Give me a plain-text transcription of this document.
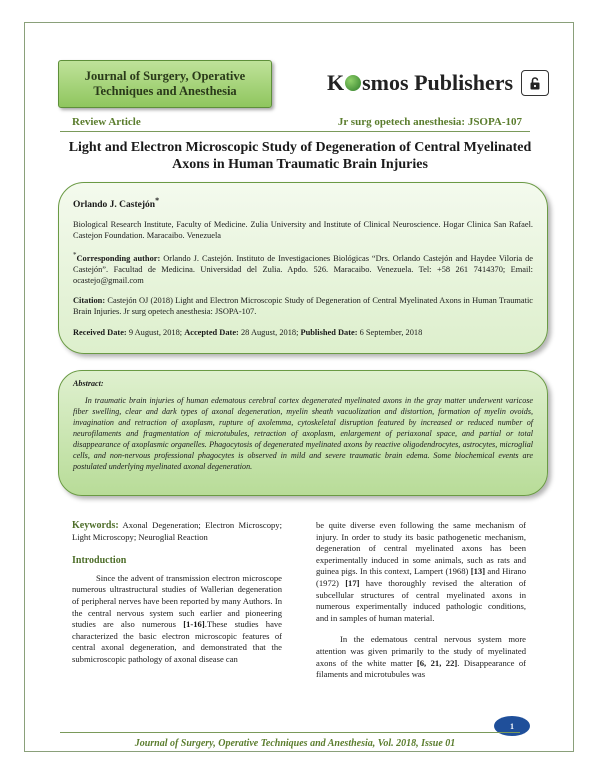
Journal of Surgery, Operative
Techniques and Anesthesia	K smos Publishers
Review Article	Jr surg opetech anesthesia: JSOPA-107
Light and Electron Microscopic Study of Degeneration of Central Myelinated Axons in Human Traumatic Brain Injuries
Orlando J. Castejón*

Biological Research Institute, Faculty of Medicine. Zulia University and Institute of Clinical Neuroscience. Hogar Clinica San Rafael. Castejon Foundation. Maracaibo. Venezuela

*Corresponding author: Orlando J. Castejón. Instituto de Investigaciones Biológicas “Drs. Orlando Castejón and Haydee Viloria de Castejón”. Facultad de Medicina. Universidad del Zulia. Apdo. 526. Maracaibo. Venezuela. Tel: +58 261 7414370; Email: ocastejo@gmail.com

Citation: Castejón OJ (2018) Light and Electron Microscopic Study of Degeneration of Central Myelinated Axons in Human Traumatic Brain Injuries. Jr surg opetech anesthesia: JSOPA-107.

Received Date: 9 August, 2018; Accepted Date: 28 August, 2018; Published Date: 6 September, 2018

Abstract:
In traumatic brain injuries of human edematous cerebral cortex degenerated myelinated axons in the gray matter underwent varicose fiber swelling, clear and dark types of axonal degeneration, myelin sheath vacuolization and distortion, formation of myelin ovoids, invagination and retraction of axoplasm, rupture of axolemma, cytoskeletal disruption featured by increased or reduced number of neurofilaments and fragmentation of microtubules, retraction of axoplasm, enlargement of periaxonal space, and partial or total disappearance of axoplasmic organelles. Phagocytosis of degenerated myelinated axons by reactive oligodendrocytes, astrocytes, microglial cells, and non-nervous professional phagocytes is observed in mild and severe traumatic brain edema. Some biochemical events are postulated underlying myelinated axonal degeneration.
Keywords: Axonal Degeneration; Electron Microscopy; Light Microscopy; Neuroglial Reaction
Introduction

Since the advent of transmission electron microscope numerous ultrastructural studies of Wallerian degeneration of peripheral nerves have been reported by many Authors. In the central nervous system such earlier and pioneering studies are also numerous [1-16].These studies have characterized the basic electron microscopic features of central axonal degeneration, and demonstrated that the submicroscopic pathology of axonal disease can

be quite diverse even following the same mechanism of injury. In order to study its basic pathogenetic mechanism, degeneration of central myelinated axons has been experimentally induced in some animals, such as rats and guinea pigs. In this context, Lampert (1968) [13] and Hirano (1972) [17] have thoroughly revised the alteration of subcellular structures of central myelinated axons in numerous experimentally induced pathologic conditions, and in samples of human material.

In the edematous central nervous system more attention was given primarily to the study of myelinated axons of the white matter [6, 21, 22]. Disappearance of filaments and microtubules was

1
Journal of Surgery, Operative Techniques and Anesthesia, Vol. 2018, Issue 01
